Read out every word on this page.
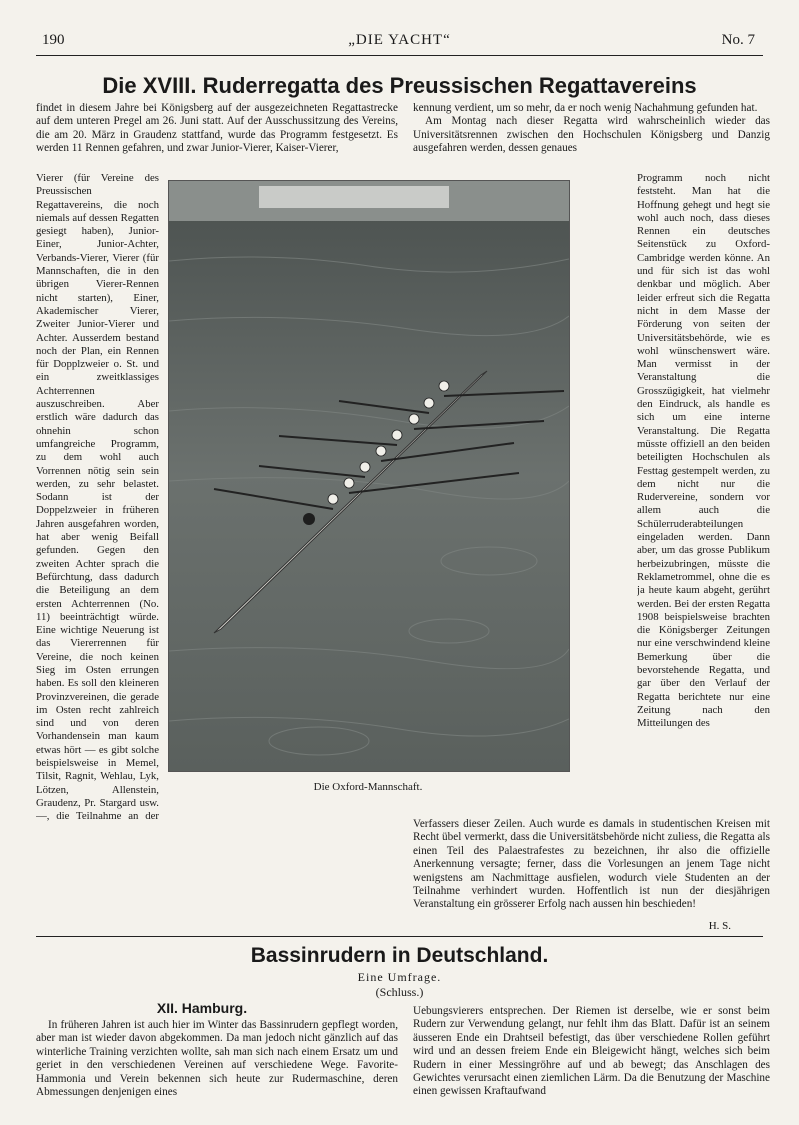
190	„DIE YACHT“	No. 7
Die XVIII. Ruderregatta des Preussischen Regattavereins

findet in diesem Jahre bei Königsberg auf der ausgezeichneten Regattastrecke auf dem unteren Pregel am 26. Juni statt. Auf der Ausschussitzung des Vereins, die am 20. März in Graudenz stattfand, wurde das Programm festgesetzt. Es werden 11 Rennen gefahren, und zwar Junior-Vierer, Kaiser-Vierer,

kennung verdient, um so mehr, da er noch wenig Nachahmung gefunden hat.

Am Montag nach dieser Regatta wird wahrscheinlich wieder das Universitätsrennen zwischen den Hochschulen Königsberg und Danzig ausgefahren werden, dessen genaues

Vierer (für Vereine des Preussischen Regattavereins, die noch niemals auf dessen Regatten gesiegt haben), Junior-Einer, Junior-Achter, Verbands-Vierer, Vierer (für Mannschaften, die in den übrigen Vierer-Rennen nicht starten), Einer, Akademischer Vierer, Zweiter Junior-Vierer und Achter. Ausserdem bestand noch der Plan, ein Rennen für Dopplzweier o. St. und ein zweitklassiges Achterrennen auszuschreiben. Aber erstlich wäre dadurch das ohnehin schon umfangreiche Programm, zu dem wohl auch Vorrennen nötig sein sein werden, zu sehr belastet. Sodann ist der Doppelzweier in früheren Jahren ausgefahren worden, hat aber wenig Beifall gefunden. Gegen den zweiten Achter sprach die Befürchtung, dass dadurch die Beteiligung an dem ersten Achterrennen (No. 11) beeinträchtigt würde. Eine wichtige Neuerung ist das Viererrennen für Vereine, die noch keinen Sieg im Osten errungen haben. Es soll den kleineren Provinzvereinen, die gerade im Osten recht zahlreich sind und von deren Vorhandensein man kaum etwas hört — es gibt solche beispielsweise in Memel, Tilsit, Ragnit, Wehlau, Lyk, Lötzen, Allenstein, Graudenz, Pr. Stargard usw. —, die Teilnahme an der

Die Oxford-Mannschaft.

Programm noch nicht feststeht. Man hat die Hoffnung gehegt und hegt sie wohl auch noch, dass dieses Rennen ein deutsches Seitenstück zu Oxford-Cambridge werden könne. An und für sich ist das wohl denkbar und möglich. Aber leider erfreut sich die Regatta nicht in dem Masse der Förderung von seiten der Universitätsbehörde, wie es wohl wünschenswert wäre. Man vermisst in der Veranstaltung die Grosszügigkeit, hat vielmehr den Eindruck, als handle es sich um eine interne Veranstaltung. Die Regatta müsste offiziell an den beiden beteiligten Hochschulen als Festtag gestempelt werden, zu dem nicht nur die Rudervereine, sondern vor allem auch die Schülerruderabteilungen eingeladen werden. Dann aber, um das grosse Publikum herbeizubringen, müsste die Reklametrommel, ohne die es ja heute kaum abgeht, gerührt werden. Bei der ersten Regatta 1908 beispielsweise brachten die Königsberger Zeitungen nur eine verschwindend kleine Bemerkung über die bevorstehende Regatta, und gar über den Verlauf der Regatta berichtete nur eine Zeitung nach den Mitteilungen des

Verfassers dieser Zeilen. Auch wurde es damals in studentischen Kreisen mit Recht übel vermerkt, dass die Universitätsbehörde nicht zuliess, die Regatta als einen Teil des Palaestrafestes zu bezeichnen, ihr also die offizielle Anerkennung versagte; ferner, dass die Vorlesungen an jenem Tage nicht wenigstens am Nachmittage ausfielen, wodurch viele Studenten an der Teilnahme verhindert wurden. Hoffentlich ist nun der diesjährigen Veranstaltung ein grösserer Erfolg nach aussen hin beschieden!

H. S.
Bassinrudern in Deutschland.
Eine Umfrage.
(Schluss.)
XII. Hamburg.

In früheren Jahren ist auch hier im Winter das Bassinrudern gepflegt worden, aber man ist wieder davon abgekommen. Da man jedoch nicht gänzlich auf das winterliche Training verzichten wollte, sah man sich nach einem Ersatz um und geriet in den verschiedenen Vereinen auf verschiedene Wege. Favorite-Hammonia und Verein bekennen sich heute zur Rudermaschine, deren Abmessungen denjenigen eines

Uebungsvierers entsprechen. Der Riemen ist derselbe, wie er sonst beim Rudern zur Verwendung gelangt, nur fehlt ihm das Blatt. Dafür ist an seinem äusseren Ende ein Drahtseil befestigt, das über verschiedene Rollen geführt wird und an dessen freiem Ende ein Bleigewicht hängt, welches sich beim Rudern in einer Messingröhre auf und ab bewegt; das Anschlagen des Gewichtes verursacht einen ziemlichen Lärm. Da die Benutzung der Maschine einen gewissen Kraftaufwand
